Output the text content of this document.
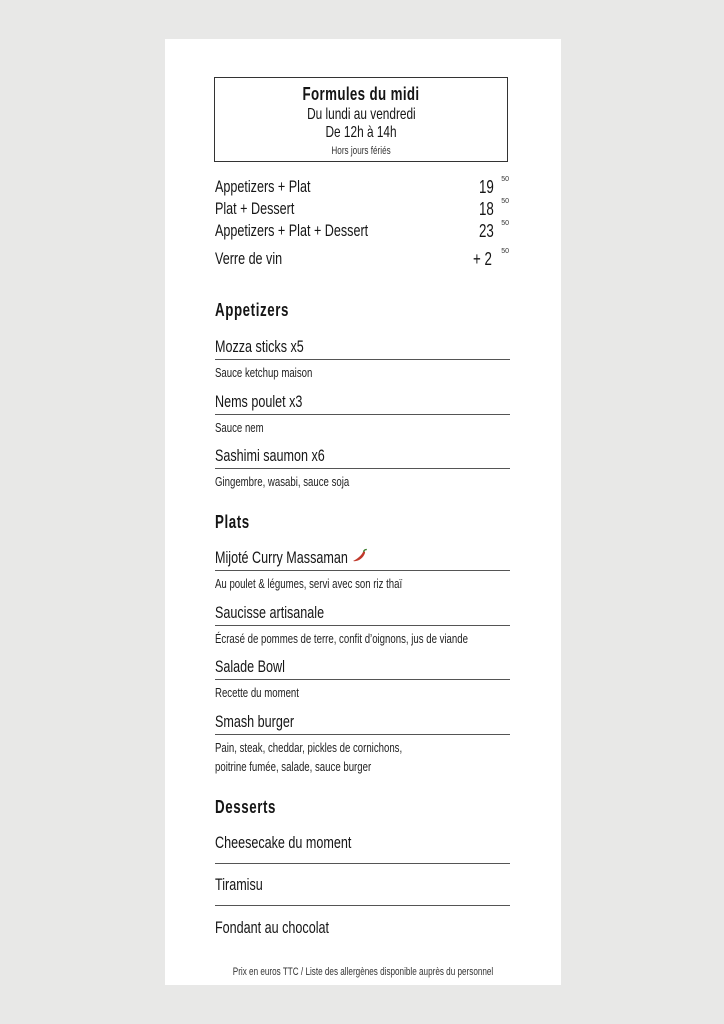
Formules du midi
Du lundi au vendredi
De 12h à 14h
Hors jours fériés
Appetizers + Plat	19 50
Plat + Dessert	18 50
Appetizers + Plat + Dessert	23 50
Verre de vin	+ 2 50
Appetizers
Mozza sticks x5
Sauce ketchup maison
Nems poulet x3
Sauce nem
Sashimi saumon x6
Gingembre, wasabi, sauce soja
Plats
Mijoté Curry Massaman
Au poulet & légumes, servi avec son riz thaï
Saucisse artisanale
Écrasé de pommes de terre, confit d’oignons, jus de viande
Salade Bowl
Recette du moment
Smash burger
Pain, steak, cheddar, pickles de cornichons,
poitrine fumée, salade, sauce burger
Desserts
Cheesecake du moment
Tiramisu
Fondant au chocolat
Prix en euros TTC / Liste des allergènes disponible auprès du personnel
